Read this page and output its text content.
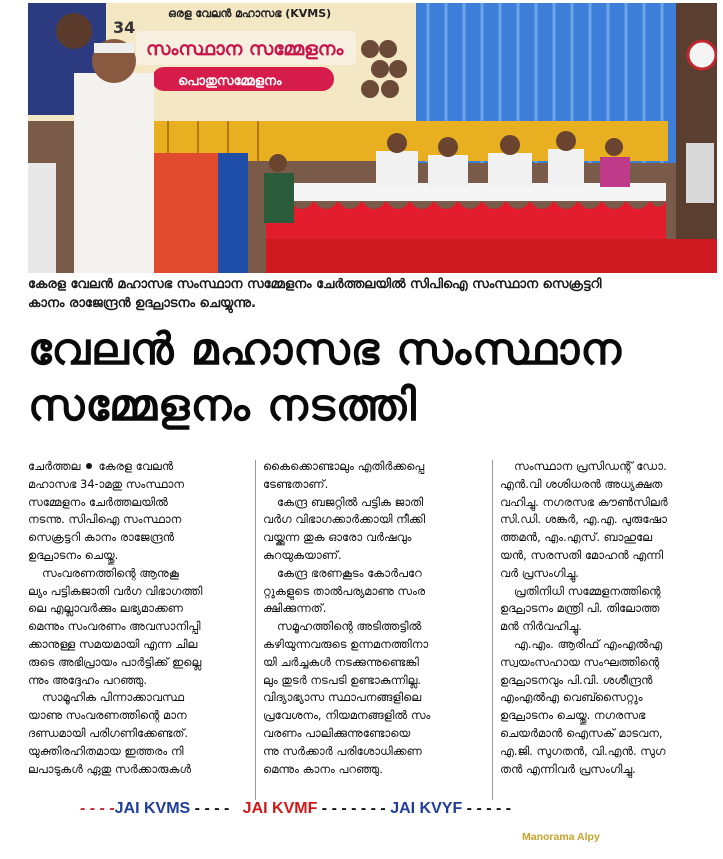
34
ഒരള വേലൻ മഹാസഭ (KVMS)
സംസ്ഥാന സമ്മേളനം
പൊതുസമ്മേളനം
കേരള വേലൻ മഹാസഭ സംസ്ഥാന സമ്മേളനം ചേർത്തലയിൽ സിപിഐ സംസ്ഥാന സെക്രട്ടറി
കാനം രാജേന്ദ്രൻ ഉദ്ഘാടനം ചെയ്യുന്നു.
വേലൻ മഹാസഭ സംസ്ഥാന
സമ്മേളനം നടത്തി
ചേർത്തല കേരള വേലൻ
മഹാസഭ 34-ാമതു സംസ്ഥാന
സമ്മേളനം ചേർത്തലയിൽ
നടന്നു. സിപിഐ സംസ്ഥാന
സെക്രട്ടറി കാനം രാജേന്ദ്രൻ
ഉദ്ഘാടനം ചെയ്തു.
സംവരണത്തിന്റെ ആനുകൂ
ല്യം പട്ടികജാതി വർഗ വിഭാഗത്തി
ലെ എല്ലാവർക്കും ലഭ്യമാക്കണ
മെന്നും സംവരണം അവസാനിപ്പി
ക്കാനുള്ള സമയമായി എന്ന ചില
രുടെ അഭിപ്രായം പാർട്ടിക്ക് ഇല്ലെ
ന്നും അദ്ദേഹം പറഞ്ഞു.
സാമൂഹിക പിന്നാക്കാവസ്ഥ
യാണു സംവരണത്തിന്റെ മാന
ദണ്ഡമായി പരിഗണിക്കേണ്ടത്.
യുക്തിരഹിതമായ ഇത്തരം നി
ലപാടുകൾ ഏതു സർക്കാരുകൾ
കൈക്കൊണ്ടാലും എതിർക്കപ്പെ
ടേണ്ടതാണ്.
കേന്ദ്ര ബജറ്റിൽ പട്ടിക ജാതി
വർഗ വിഭാഗക്കാർക്കായി നീക്കി
വയ്ക്കുന്ന തുക ഓരോ വർഷവും
കുറയുകയാണ്.
കേന്ദ്ര ഭരണകൂടം കോർപറേ
റ്റുകളുടെ താൽപര്യമാണു സംര
ക്ഷിക്കുന്നത്.
സമൂഹത്തിന്റെ അടിത്തട്ടിൽ
കഴിയുന്നവരുടെ ഉന്നമനത്തിനാ
യി ചർച്ചകൾ നടക്കുന്നുണ്ടെങ്കി
ലും തുടർ നടപടി ഉണ്ടാകുന്നില്ല.
വിദ്യാഭ്യാസ സ്ഥാപനങ്ങളിലെ
പ്രവേശനം, നിയമനങ്ങളിൽ സം
വരണം പാലിക്കുന്നുണ്ടോയെ
ന്നു സർക്കാർ പരിശോധിക്കണ
മെന്നും കാനം പറഞ്ഞു.
സംസ്ഥാന പ്രസിഡന്റ് ഡോ.
എൻ.വി ശശിധരൻ അധ്യക്ഷത
വഹിച്ചു. നഗരസഭ കൗൺസിലർ
സി.ഡി. ശങ്കർ, എ.എ. പുരുഷോ
ത്തമൻ, എം.എസ്. ബാഹുലേ
യൻ, സരസതി മോഹൻ എന്നി
വർ പ്രസംഗിച്ചു.
പ്രതിനിധി സമ്മേളനത്തിന്റെ
ഉദ്ഘാടനം മന്ത്രി പി. തിലോത്ത
മൻ നിർവഹിച്ചു.
എ.എം. ആരിഫ് എംഎൽഎ
സ്വയംസഹായ സംഘത്തിന്റെ
ഉദ്ഘാടനവും പി.വി. ശശീന്ദ്രൻ
എംഎൽഎ വെബ്സൈറ്റും
ഉദ്ഘാടനം ചെയ്തു. നഗരസഭ
ചെയർമാൻ ഐസക് മാടവന,
എ.ജി. സുഗതൻ, വി.എൻ. സുഗ
തൻ എന്നിവർ പ്രസംഗിച്ചു.
- - - -JAI KVMS - - - -   JAI KVMF - - - - - - - JAI KVYF - - - - -
Manorama Alpy
